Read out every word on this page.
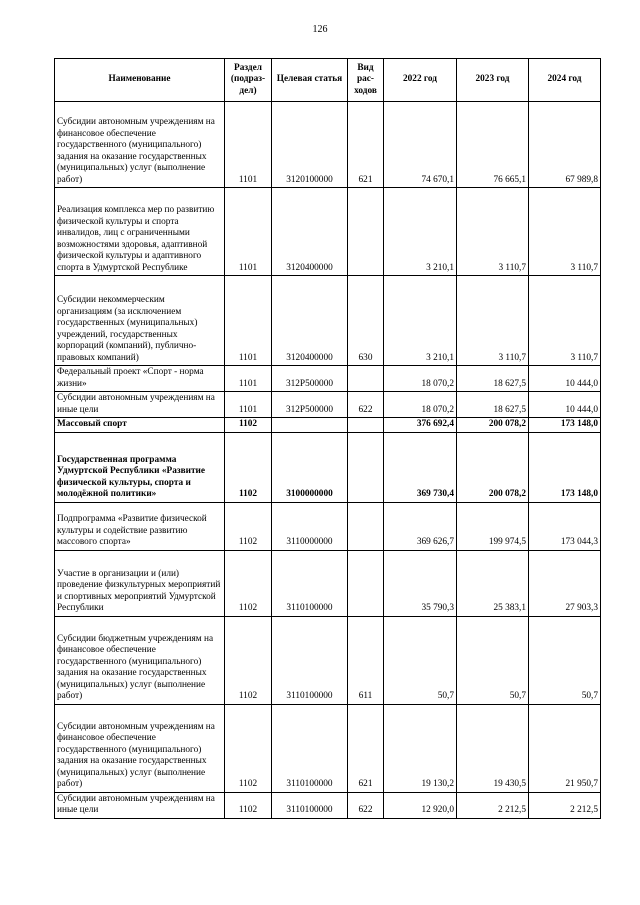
126
Наименование	Раздел (подраз-дел)	Целевая статья	Вид рас-ходов	2022 год	2023 год	2024 год
Субсидии автономным учреждениям на финансовое обеспечение государственного (муниципального) задания на оказание государственных (муниципальных) услуг (выполнение работ)	1101	3120100000	621	74 670,1	76 665,1	67 989,8
Реализация комплекса мер по развитию физической культуры и спорта инвалидов, лиц с ограниченными возможностями здоровья, адаптивной физической культуры и адаптивного спорта в Удмуртской Республике	1101	3120400000		3 210,1	3 110,7	3 110,7
Субсидии некоммерческим организациям (за исключением государственных (муниципальных) учреждений, государственных корпораций (компаний), публично-правовых компаний)	1101	3120400000	630	3 210,1	3 110,7	3 110,7
Федеральный проект «Спорт - норма жизни»	1101	312Р500000		18 070,2	18 627,5	10 444,0
Субсидии автономным учреждениям на иные цели	1101	312Р500000	622	18 070,2	18 627,5	10 444,0
Массовый спорт	1102			376 692,4	200 078,2	173 148,0
Государственная программа Удмуртской Республики «Развитие физической культуры, спорта и молодёжной политики»	1102	3100000000		369 730,4	200 078,2	173 148,0
Подпрограмма «Развитие физической культуры и содействие развитию массового спорта»	1102	3110000000		369 626,7	199 974,5	173 044,3
Участие в организации и (или) проведение физкультурных мероприятий и спортивных мероприятий Удмуртской Республики	1102	3110100000		35 790,3	25 383,1	27 903,3
Субсидии бюджетным учреждениям на финансовое обеспечение государственного (муниципального) задания на оказание государственных (муниципальных) услуг (выполнение работ)	1102	3110100000	611	50,7	50,7	50,7
Субсидии автономным учреждениям на финансовое обеспечение государственного (муниципального) задания на оказание государственных (муниципальных) услуг (выполнение работ)	1102	3110100000	621	19 130,2	19 430,5	21 950,7
Субсидии автономным учреждениям на иные цели	1102	3110100000	622	12 920,0	2 212,5	2 212,5
